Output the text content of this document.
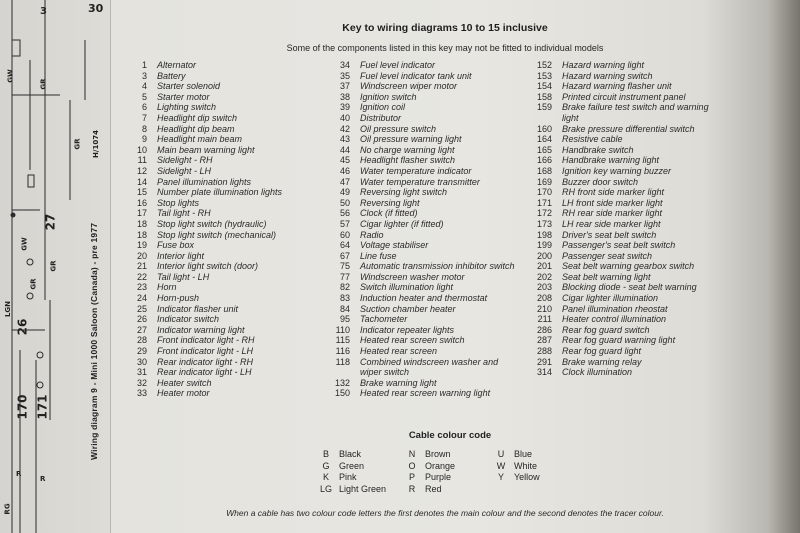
3	30
GW
GR
GR H/1074
27
26
LGN
GW
GR
GR
170 171
R
R
RG
Wiring diagram 9 - Mini 1000 Saloon (Canada) - pre 1977
Key to wiring diagrams 10 to 15 inclusive
Some of the components listed in this key may not be fitted to individual models
1	Alternator
3	Battery
4	Starter solenoid
5	Starter motor
6	Lighting switch
7	Headlight dip switch
8	Headlight dip beam
9	Headlight main beam
10	Main beam warning light
11	Sidelight - RH
12	Sidelight - LH
14	Panel illumination lights
15	Number plate illumination lights
16	Stop lights
17	Tail light - RH
18	Stop light switch (hydraulic)
18	Stop light switch (mechanical)
19	Fuse box
20	Interior light
21	Interior light switch (door)
22	Tail light - LH
23	Horn
24	Horn-push
25	Indicator flasher unit
26	Indicator switch
27	Indicator warning light
28	Front indicator light - RH
29	Front indicator light - LH
30	Rear indicator light - RH
31	Rear indicator light - LH
32	Heater switch
33	Heater motor
34	Fuel level indicator
35	Fuel level indicator tank unit
37	Windscreen wiper motor
38	Ignition switch
39	Ignition coil
40	Distributor
42	Oil pressure switch
43	Oil pressure warning light
44	No charge warning light
45	Headlight flasher switch
46	Water temperature indicator
47	Water temperature transmitter
49	Reversing light switch
50	Reversing light
56	Clock (if fitted)
57	Cigar lighter (if fitted)
60	Radio
64	Voltage stabiliser
67	Line fuse
75	Automatic transmission inhibitor switch
77	Windscreen washer motor
82	Switch illumination light
83	Induction heater and thermostat
84	Suction chamber heater
95	Tachometer
110	Indicator repeater lights
115	Heated rear screen switch
116	Heated rear screen
118	Combined windscreen washer and
wiper switch
132	Brake warning light
150	Heated rear screen warning light
152	Hazard warning light
153	Hazard warning switch
154	Hazard warning flasher unit
158	Printed circuit instrument panel
159	Brake failure test switch and warning
light
160	Brake pressure differential switch
164	Resistive cable
165	Handbrake switch
166	Handbrake warning light
168	Ignition key warning buzzer
169	Buzzer door switch
170	RH front side marker light
171	LH front side marker light
172	RH rear side marker light
173	LH rear side marker light
198	Driver's seat belt switch
199	Passenger's seat belt switch
200	Passenger seat switch
201	Seat belt warning gearbox switch
202	Seat belt warning light
203	Blocking diode - seat belt warning
208	Cigar lighter illumination
210	Panel illumination rheostat
211	Heater control illumination
286	Rear fog guard switch
287	Rear fog guard warning light
288	Rear fog guard light
291	Brake warning relay
314	Clock illumination
Cable colour code
B	Black
G	Green
K	Pink
LG Light Green
N	Brown
O	Orange
P	Purple
R	Red
U	Blue
W White
Y	Yellow
When a cable has two colour code letters the first denotes the main colour and the second denotes the tracer colour.
